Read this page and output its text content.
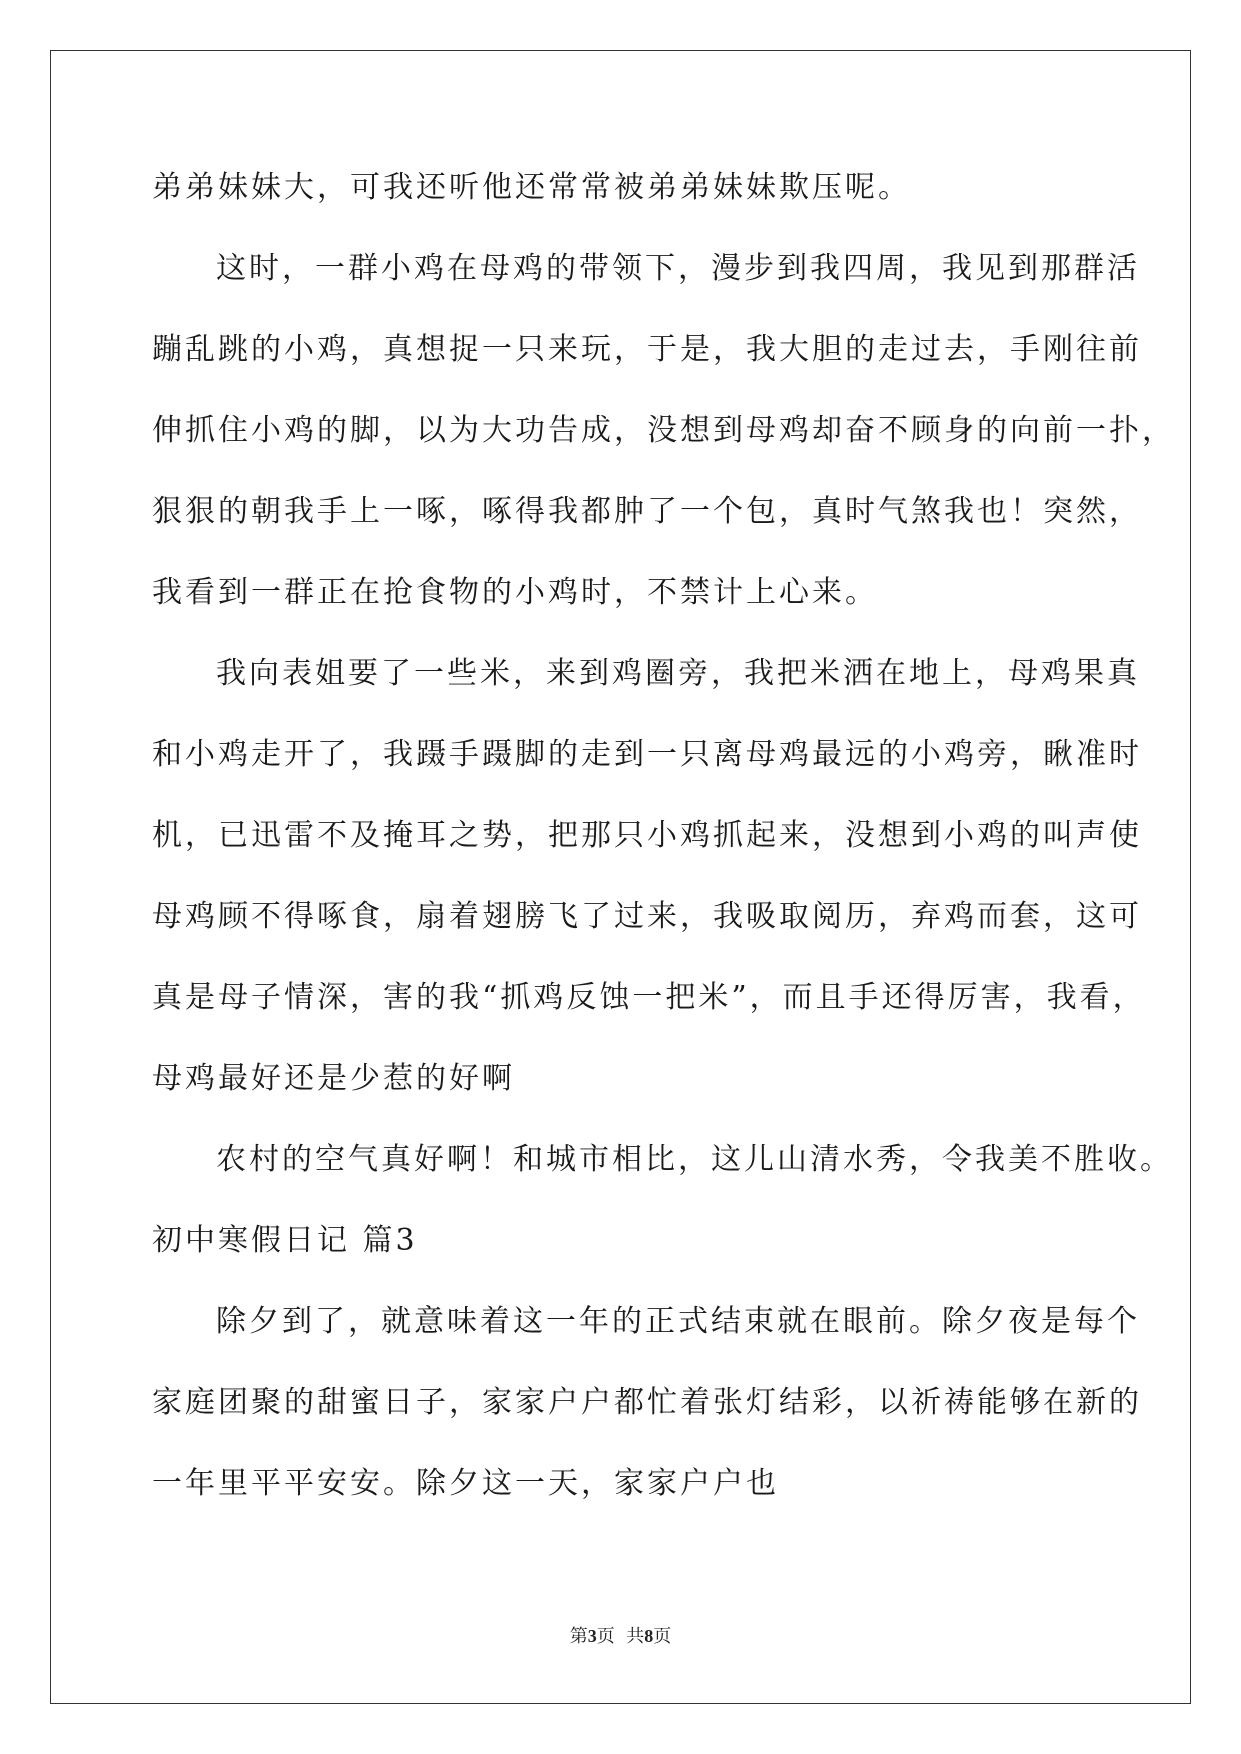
弟弟妹妹大，可我还听他还常常被弟弟妹妹欺压呢。
这时，一群小鸡在母鸡的带领下，漫步到我四周，我见到那群活
蹦乱跳的小鸡，真想捉一只来玩，于是，我大胆的走过去，手刚往前
伸抓住小鸡的脚，以为大功告成，没想到母鸡却奋不顾身的向前一扑，
狠狠的朝我手上一啄，啄得我都肿了一个包，真时气煞我也！突然，
我看到一群正在抢食物的小鸡时，不禁计上心来。
我向表姐要了一些米，来到鸡圈旁，我把米洒在地上，母鸡果真
和小鸡走开了，我蹑手蹑脚的走到一只离母鸡最远的小鸡旁，瞅准时
机，已迅雷不及掩耳之势，把那只小鸡抓起来，没想到小鸡的叫声使
母鸡顾不得啄食，扇着翅膀飞了过来，我吸取阅历，弃鸡而套，这可
真是母子情深，害的我“抓鸡反蚀一把米”，而且手还得厉害，我看，
母鸡最好还是少惹的好啊
农村的空气真好啊！和城市相比，这儿山清水秀，令我美不胜收。
初中寒假日记 篇3
除夕到了，就意味着这一年的正式结束就在眼前。除夕夜是每个
家庭团聚的甜蜜日子，家家户户都忙着张灯结彩，以祈祷能够在新的
一年里平平安安。除夕这一天，家家户户也
第3页  共8页
